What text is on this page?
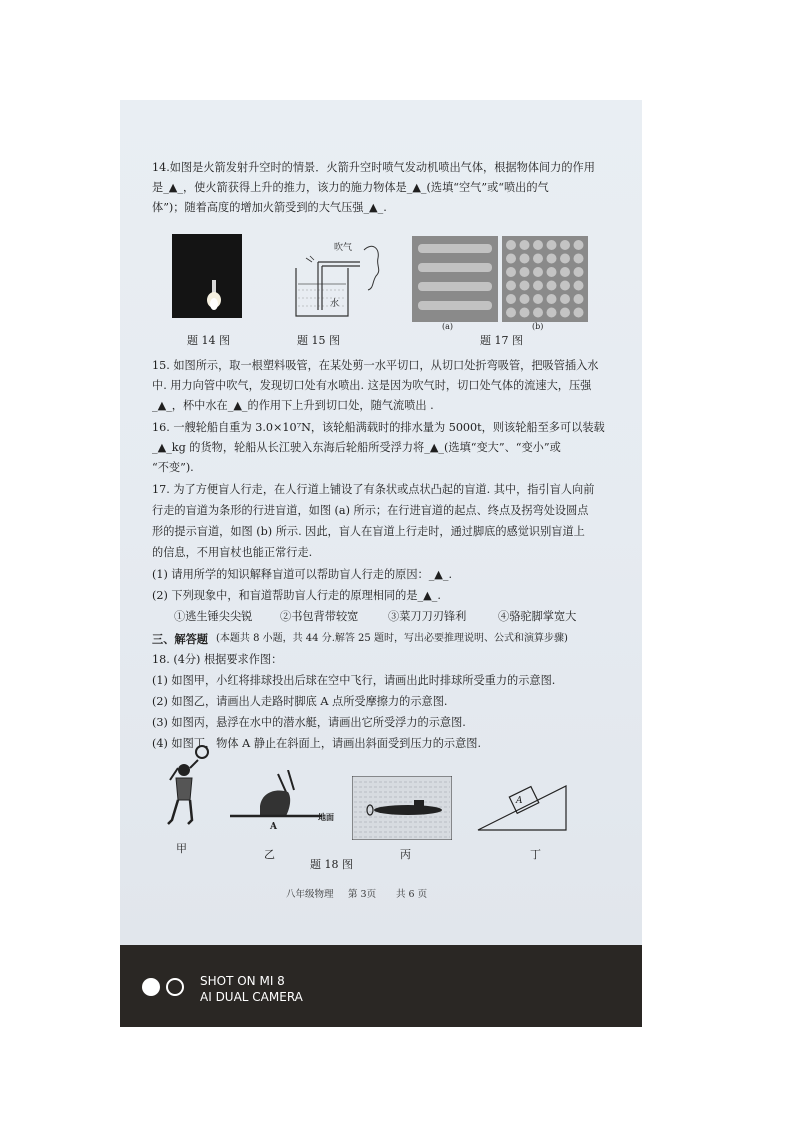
14.如图是火箭发射升空时的情景．火箭升空时喷气发动机喷出气体，根据物体间力的作用
是_▲_，使火箭获得上升的推力，该力的施力物体是_▲_(选填“空气”或“喷出的气
体”)；随着高度的增加火箭受到的大气压强_▲_.
题 14 图
吹气
水
题 15 图
(a)	(b)
题 17 图
15. 如图所示，取一根塑料吸管，在某处剪一水平切口，从切口处折弯吸管，把吸管插入水
中. 用力向管中吹气，发现切口处有水喷出. 这是因为吹气时，切口处气体的流速大，压强
_▲_，杯中水在_▲_的作用下上升到切口处，随气流喷出 .
16. 一艘轮船自重为 3.0×10⁷N，该轮船满载时的排水量为 5000t，则该轮船至多可以装载
_▲_kg 的货物，轮船从长江驶入东海后轮船所受浮力将_▲_(选填“变大”、“变小”或
“不变”).
17. 为了方便盲人行走，在人行道上铺设了有条状或点状凸起的盲道. 其中，指引盲人向前
行走的盲道为条形的行进盲道，如图 (a) 所示；在行进盲道的起点、终点及拐弯处设圆点
形的提示盲道，如图 (b) 所示. 因此，盲人在盲道上行走时，通过脚底的感觉识别盲道上
的信息，不用盲杖也能正常行走.
(1) 请用所学的知识解释盲道可以帮助盲人行走的原因：_▲_.
(2) 下列现象中，和盲道帮助盲人行走的原理相同的是_▲_.
①逃生锤尖尖锐 ②书包背带较宽	③菜刀刀刃锋利	④骆驼脚掌宽大
三、解答题 (本题共 8 小题，共 44 分.解答 25 题时，写出必要推理说明、公式和演算步骤)
18. (4分) 根据要求作图：
(1) 如图甲，小红将排球投出后球在空中飞行，请画出此时排球所受重力的示意图.
(2) 如图乙，请画出人走路时脚底 A 点所受摩擦力的示意图.
(3) 如图丙，悬浮在水中的潜水艇，请画出它所受浮力的示意图.
(4) 如图丁，物体 A 静止在斜面上，请画出斜面受到压力的示意图.
A
地面
A
甲	乙	丙	丁
题 18 图
八年级物理 第 3页 共 6 页
SHOT ON MI 8
AI DUAL CAMERA
